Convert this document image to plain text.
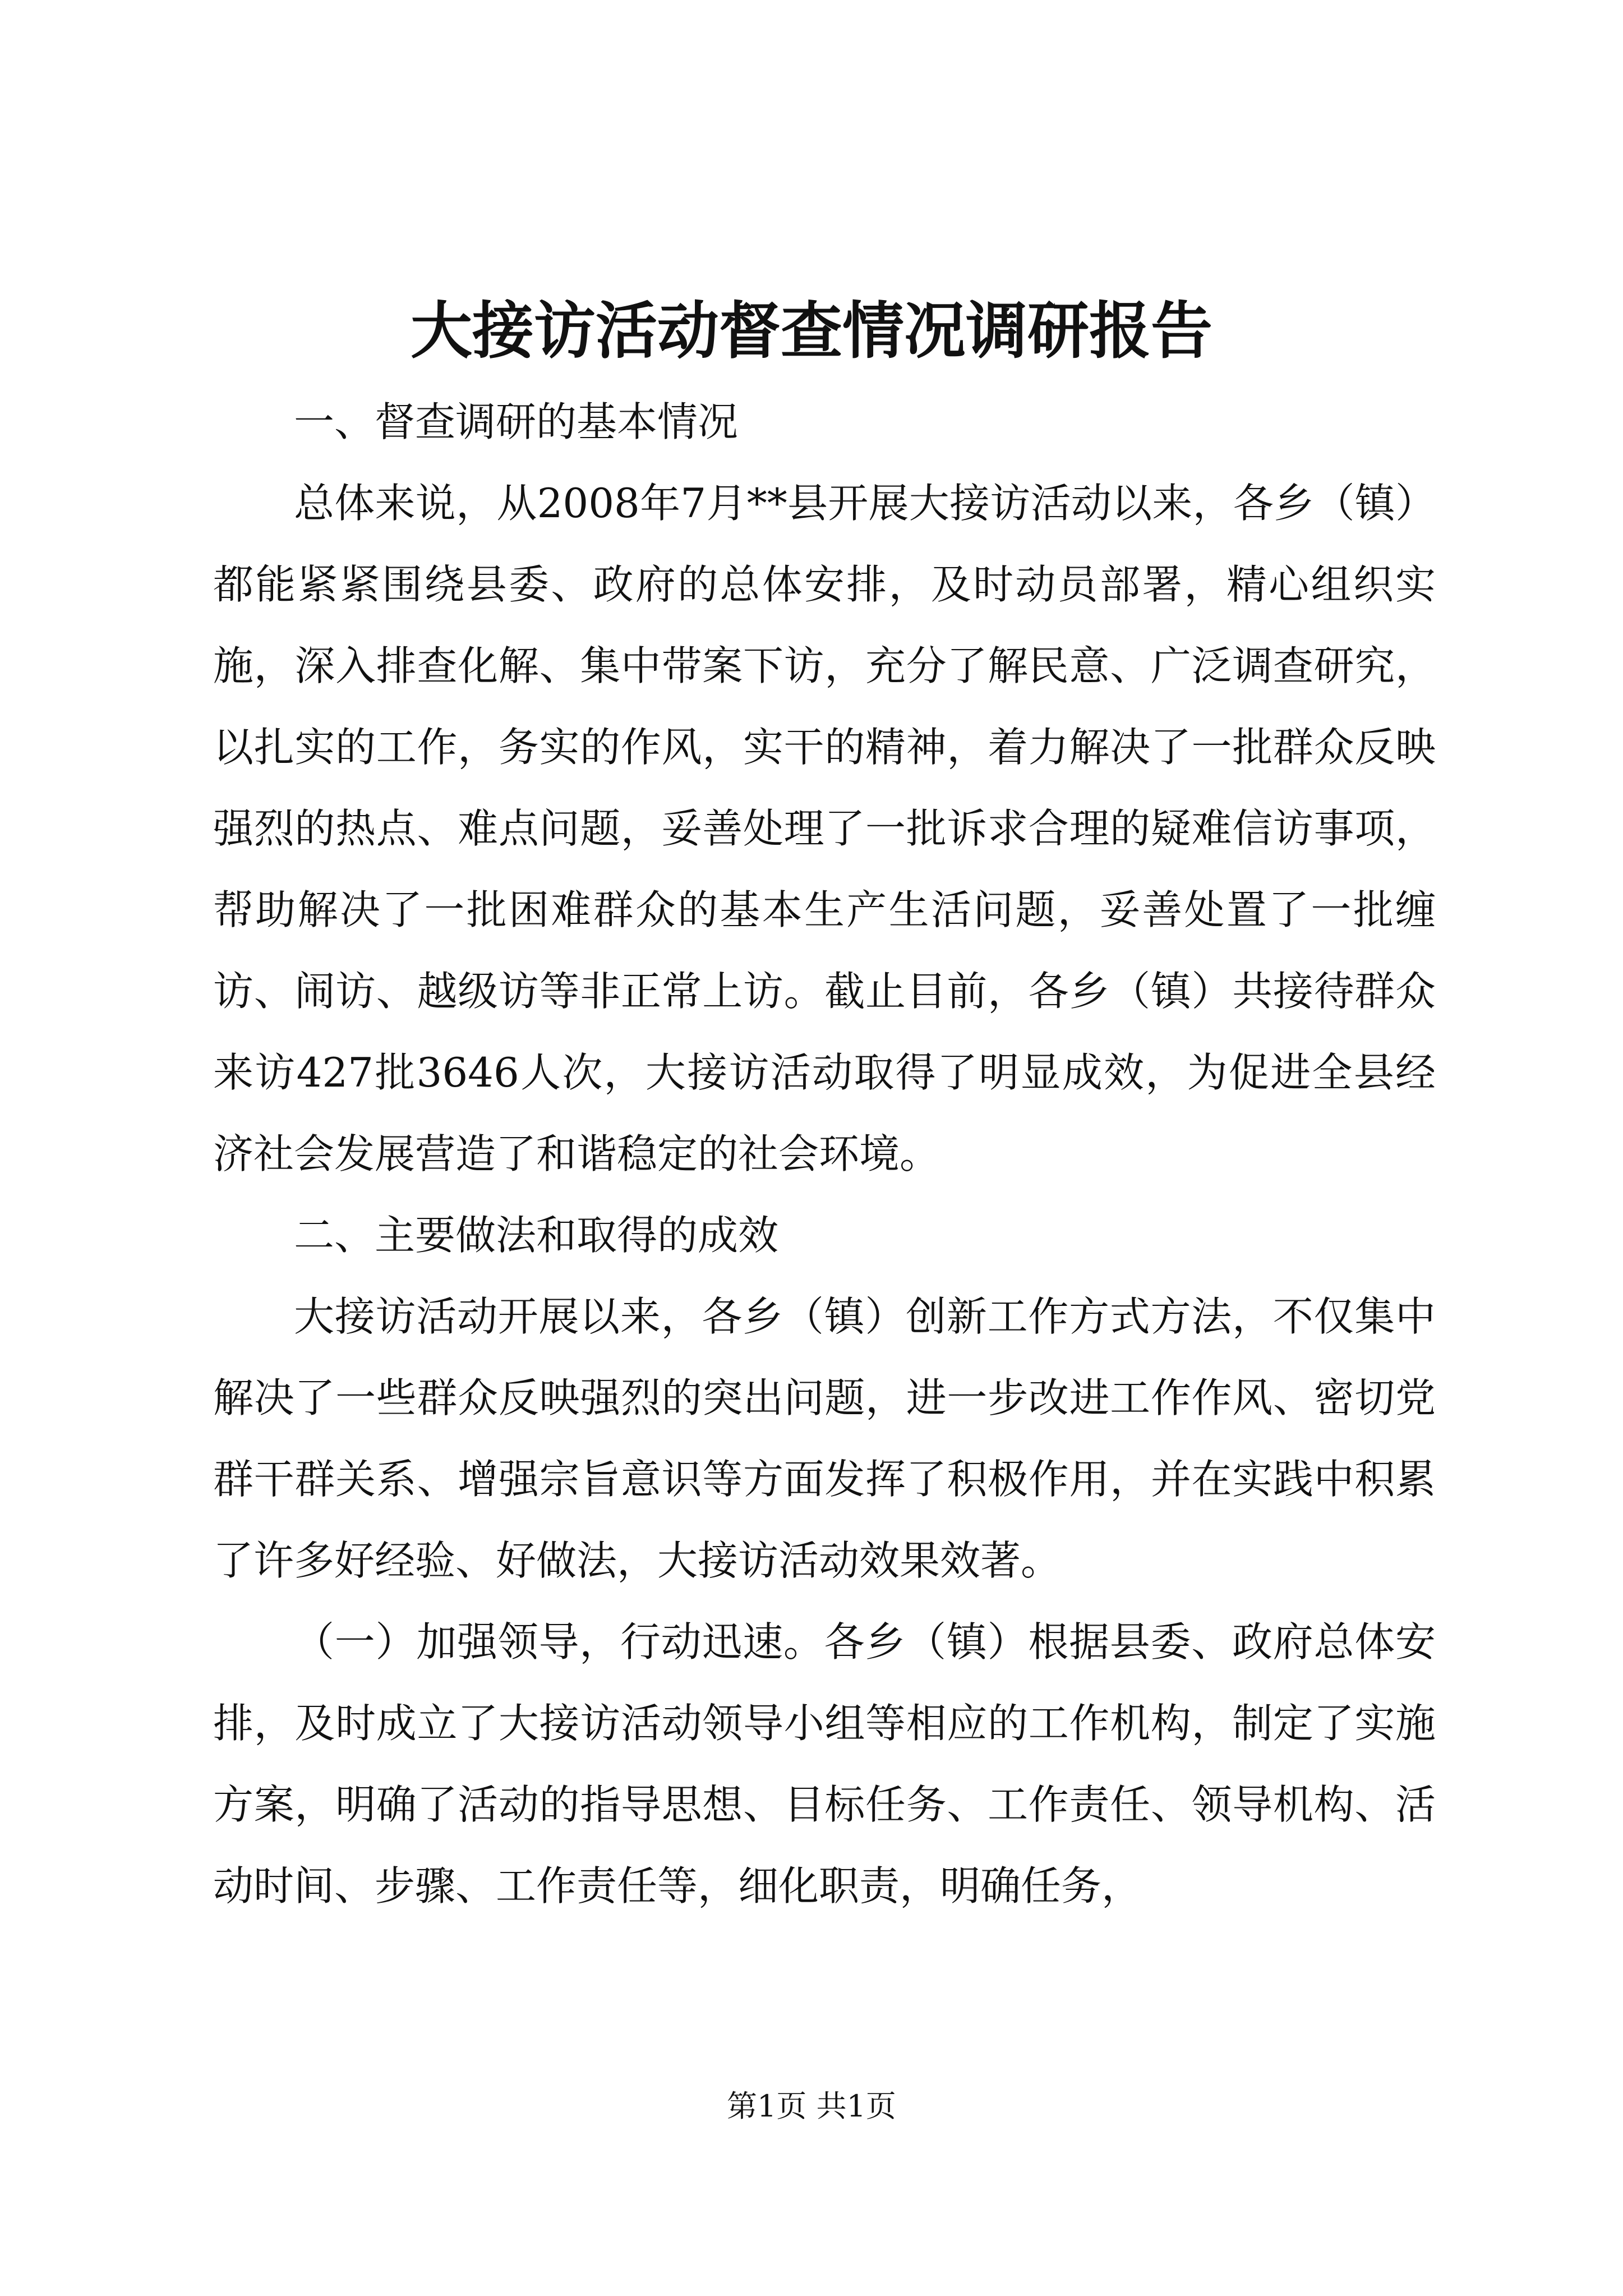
大接访活动督查情况调研报告

一、督查调研的基本情况

总体来说，从2008年7月**县开展大接访活动以来，各乡（镇）都能紧紧围绕县委、政府的总体安排，及时动员部署，精心组织实施，深入排查化解、集中带案下访，充分了解民意、广泛调查研究，以扎实的工作，务实的作风，实干的精神，着力解决了一批群众反映强烈的热点、难点问题，妥善处理了一批诉求合理的疑难信访事项，帮助解决了一批困难群众的基本生产生活问题，妥善处置了一批缠访、闹访、越级访等非正常上访。截止目前，各乡（镇）共接待群众来访427批3646人次，大接访活动取得了明显成效，为促进全县经济社会发展营造了和谐稳定的社会环境。

二、主要做法和取得的成效

大接访活动开展以来，各乡（镇）创新工作方式方法，不仅集中解决了一些群众反映强烈的突出问题，进一步改进工作作风、密切党群干群关系、增强宗旨意识等方面发挥了积极作用，并在实践中积累了许多好经验、好做法，大接访活动效果效著。

（一）加强领导，行动迅速。各乡（镇）根据县委、政府总体安排，及时成立了大接访活动领导小组等相应的工作机构，制定了实施方案，明确了活动的指导思想、目标任务、工作责任、领导机构、活动时间、步骤、工作责任等，细化职责，明确任务，

第1页 共1页
